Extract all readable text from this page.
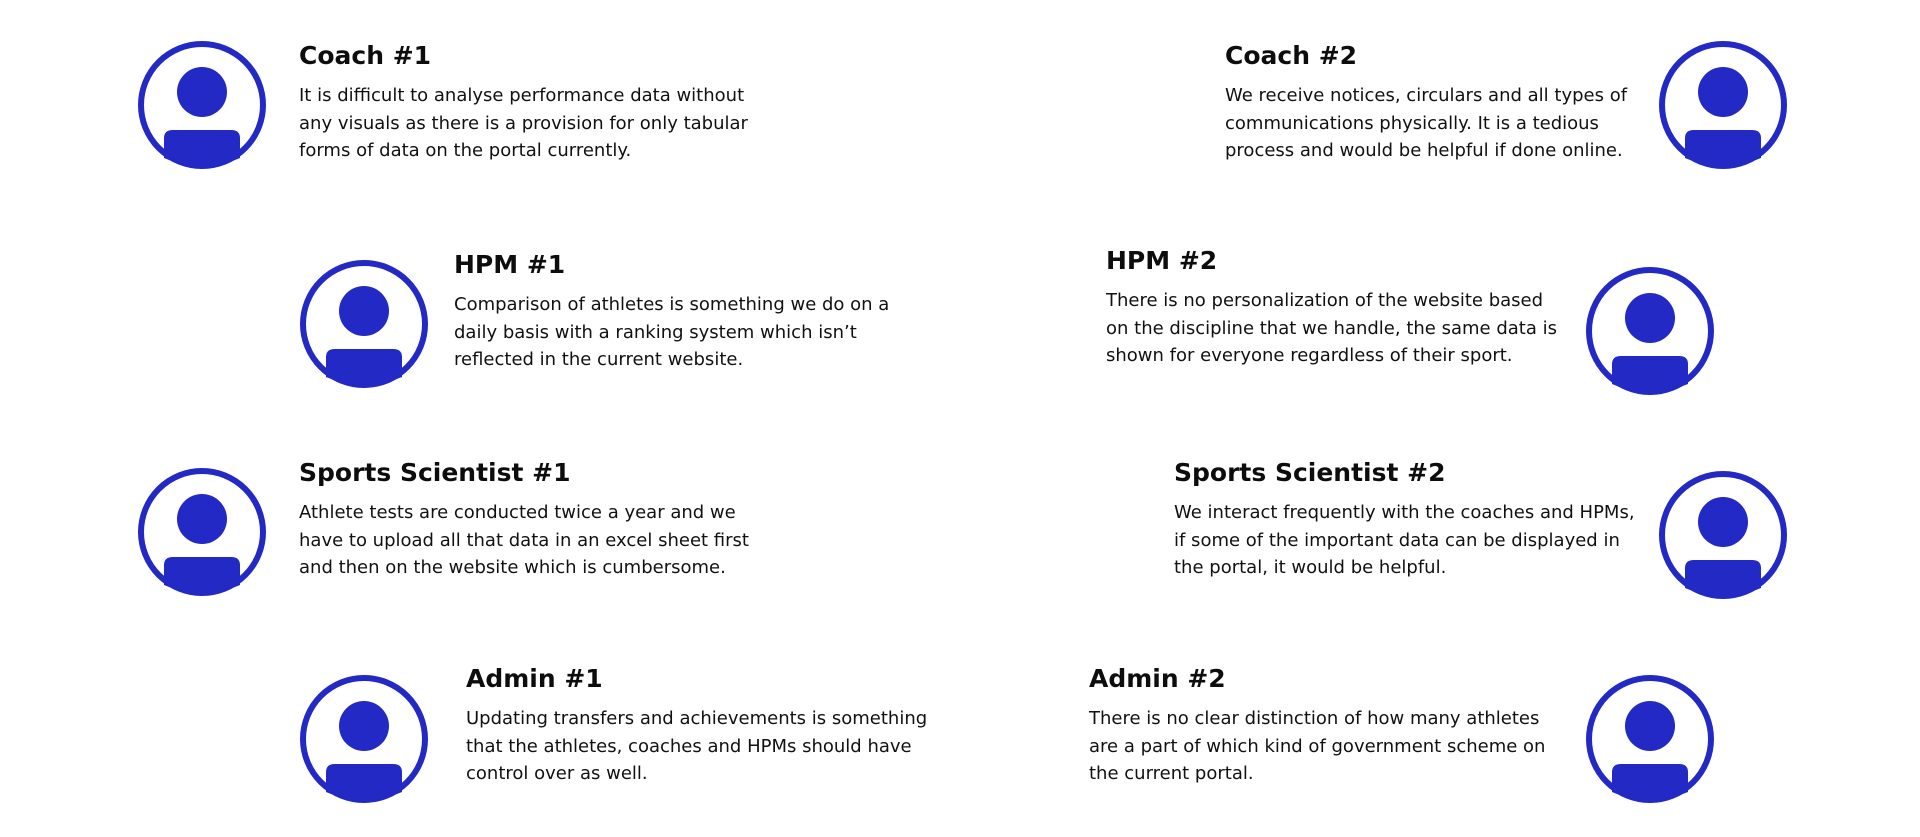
Coach #1

It is difficult to analyse performance data without any visuals as there is a provision for only tabular forms of data on the portal currently.

Coach #2

We receive notices, circulars and all types of communications physically. It is a tedious process and would be helpful if done online.

HPM #1

Comparison of athletes is something we do on a daily basis with a ranking system which isn’t reflected in the current website.

HPM #2

There is no personalization of the website based on the discipline that we handle, the same data is shown for everyone regardless of their sport.

Sports Scientist #1

Athlete tests are conducted twice a year and we have to upload all that data in an excel sheet first and then on the website which is cumbersome.

Sports Scientist #2

We interact frequently with the coaches and HPMs, if some of the important data can be displayed in the portal, it would be helpful.

Admin #1

Updating transfers and achievements is something that the athletes, coaches and HPMs should have control over as well.

Admin #2

There is no clear distinction of how many athletes are a part of which kind of government scheme on the current portal.
